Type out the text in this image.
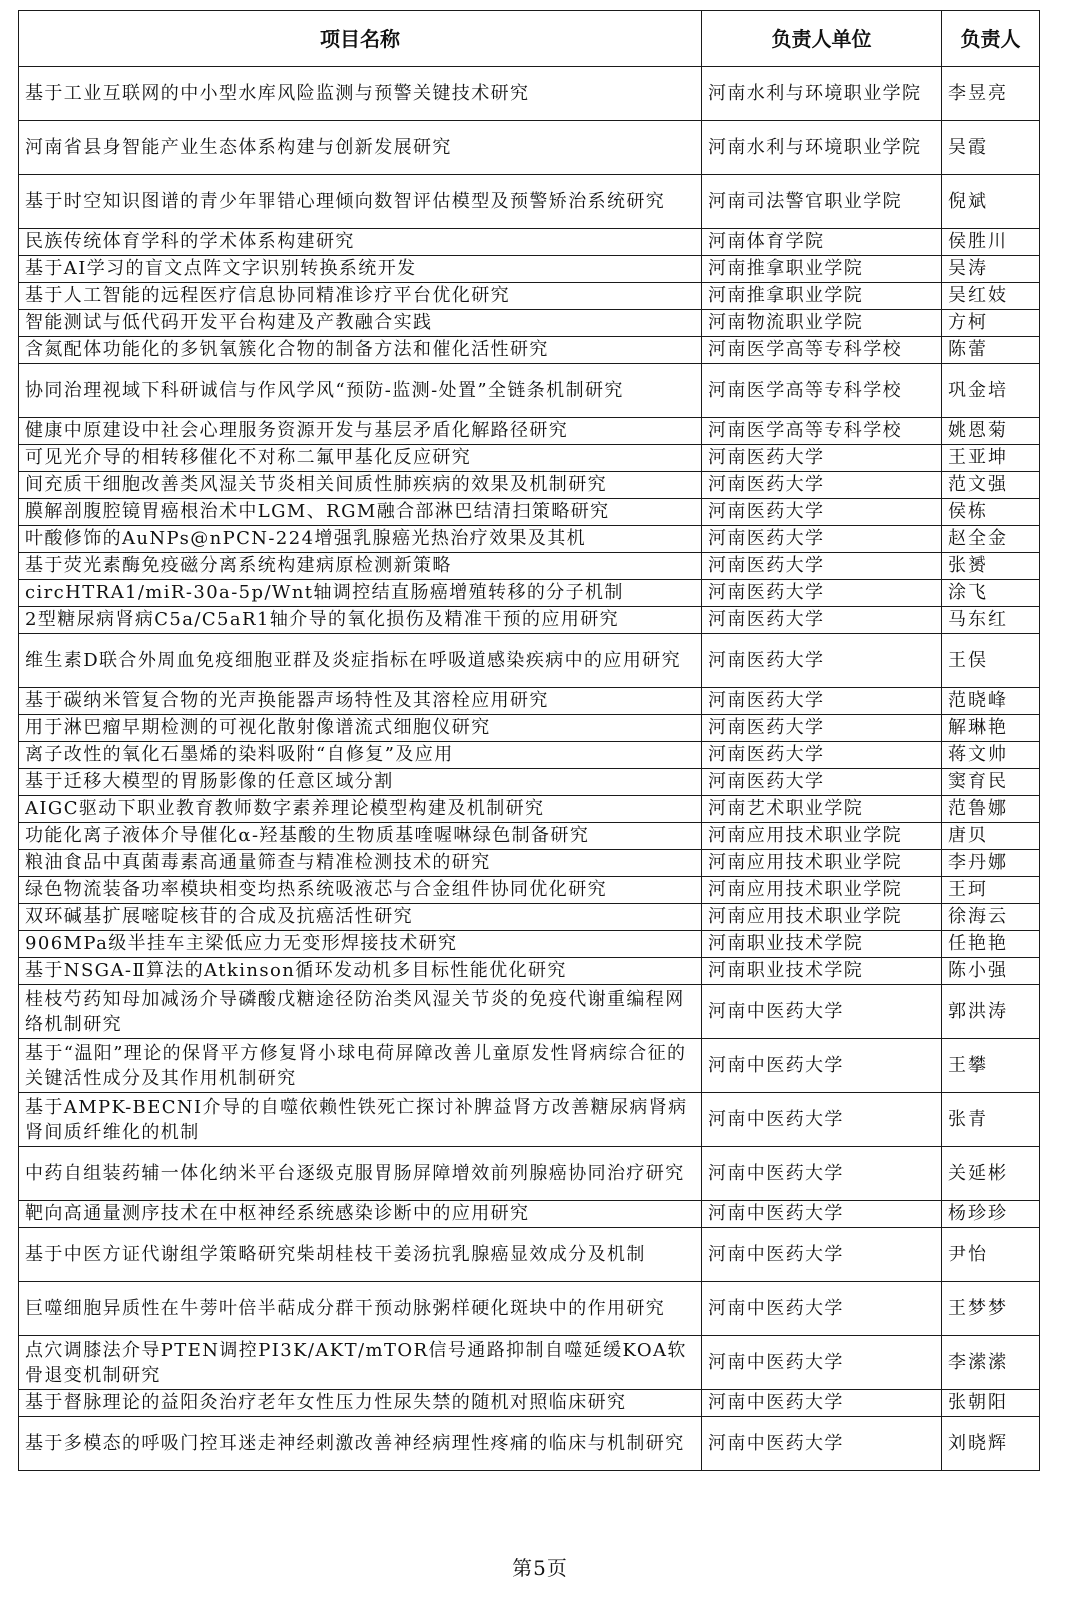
项目名称	负责人单位	负责人
基于工业互联网的中小型水库风险监测与预警关键技术研究	河南水利与环境职业学院	李昱亮
河南省县身智能产业生态体系构建与创新发展研究	河南水利与环境职业学院	吴霞
基于时空知识图谱的青少年罪错心理倾向数智评估模型及预警矫治系统研究	河南司法警官职业学院	倪斌
民族传统体育学科的学术体系构建研究	河南体育学院	侯胜川
基于AI学习的盲文点阵文字识别转换系统开发	河南推拿职业学院	吴涛
基于人工智能的远程医疗信息协同精准诊疗平台优化研究	河南推拿职业学院	吴红妓
智能测试与低代码开发平台构建及产教融合实践	河南物流职业学院	方柯
含氮配体功能化的多钒氧簇化合物的制备方法和催化活性研究	河南医学高等专科学校	陈蕾
协同治理视域下科研诚信与作风学风“预防-监测-处置”全链条机制研究	河南医学高等专科学校	巩金培
健康中原建设中社会心理服务资源开发与基层矛盾化解路径研究	河南医学高等专科学校	姚恩菊
可见光介导的相转移催化不对称二氟甲基化反应研究	河南医药大学	王亚坤
间充质干细胞改善类风湿关节炎相关间质性肺疾病的效果及机制研究	河南医药大学	范文强
膜解剖腹腔镜胃癌根治术中LGM、RGM融合部淋巴结清扫策略研究	河南医药大学	侯栋
叶酸修饰的AuNPs@nPCN-224增强乳腺癌光热治疗效果及其机	河南医药大学	赵全金
基于荧光素酶免疫磁分离系统构建病原检测新策略	河南医药大学	张赟
circHTRA1/miR-30a-5p/Wnt轴调控结直肠癌增殖转移的分子机制	河南医药大学	涂飞
2型糖尿病肾病C5a/C5aR1轴介导的氧化损伤及精准干预的应用研究	河南医药大学	马东红
维生素D联合外周血免疫细胞亚群及炎症指标在呼吸道感染疾病中的应用研究	河南医药大学	王俣
基于碳纳米管复合物的光声换能器声场特性及其溶栓应用研究	河南医药大学	范晓峰
用于淋巴瘤早期检测的可视化散射像谱流式细胞仪研究	河南医药大学	解琳艳
离子改性的氧化石墨烯的染料吸附“自修复”及应用	河南医药大学	蒋文帅
基于迁移大模型的胃肠影像的任意区域分割	河南医药大学	窦育民
AIGC驱动下职业教育教师数字素养理论模型构建及机制研究	河南艺术职业学院	范鲁娜
功能化离子液体介导催化α-羟基酸的生物质基喹喔啉绿色制备研究	河南应用技术职业学院	唐贝
粮油食品中真菌毒素高通量筛查与精准检测技术的研究	河南应用技术职业学院	李丹娜
绿色物流装备功率模块相变均热系统吸液芯与合金组件协同优化研究	河南应用技术职业学院	王珂
双环碱基扩展嘧啶核苷的合成及抗癌活性研究	河南应用技术职业学院	徐海云
906MPa级半挂车主梁低应力无变形焊接技术研究	河南职业技术学院	任艳艳
基于NSGA-Ⅱ算法的Atkinson循环发动机多目标性能优化研究	河南职业技术学院	陈小强
桂枝芍药知母加减汤介导磷酸戊糖途径防治类风湿关节炎的免疫代谢重编程网络机制研究	河南中医药大学	郭洪涛
基于“温阳”理论的保肾平方修复肾小球电荷屏障改善儿童原发性肾病综合征的关键活性成分及其作用机制研究	河南中医药大学	王攀
基于AMPK-BECNI介导的自噬依赖性铁死亡探讨补脾益肾方改善糖尿病肾病肾间质纤维化的机制	河南中医药大学	张青
中药自组装药辅一体化纳米平台逐级克服胃肠屏障增效前列腺癌协同治疗研究	河南中医药大学	关延彬
靶向高通量测序技术在中枢神经系统感染诊断中的应用研究	河南中医药大学	杨珍珍
基于中医方证代谢组学策略研究柴胡桂枝干姜汤抗乳腺癌显效成分及机制	河南中医药大学	尹怡
巨噬细胞异质性在牛蒡叶倍半萜成分群干预动脉粥样硬化斑块中的作用研究	河南中医药大学	王梦梦
点穴调膝法介导PTEN调控PI3K/AKT/mTOR信号通路抑制自噬延缓KOA软骨退变机制研究	河南中医药大学	李潆潆
基于督脉理论的益阳灸治疗老年女性压力性尿失禁的随机对照临床研究	河南中医药大学	张朝阳
基于多模态的呼吸门控耳迷走神经刺激改善神经病理性疼痛的临床与机制研究	河南中医药大学	刘晓辉
第5页
